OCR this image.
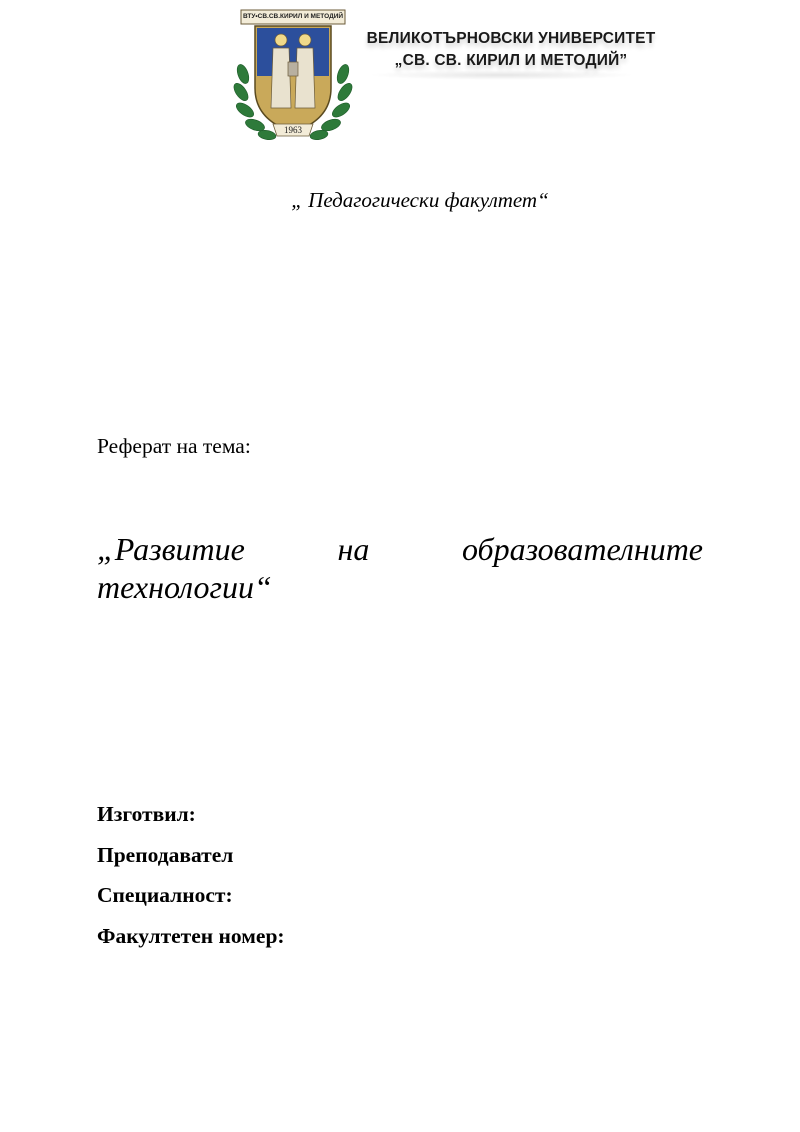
ВТУ•СВ.СВ.КИРИЛ И МЕТОДИЙ
1963
ВЕЛИКОТЪРНОВСКИ УНИВЕРСИТЕТ
„СВ. СВ. КИРИЛ И МЕТОДИЙ”
„ Педагогически факултет“
Реферат на тема:
„Развитие	на	образователните
технологии“
Изготвил:
Преподавател
Специалност:
Факултетен номер:
